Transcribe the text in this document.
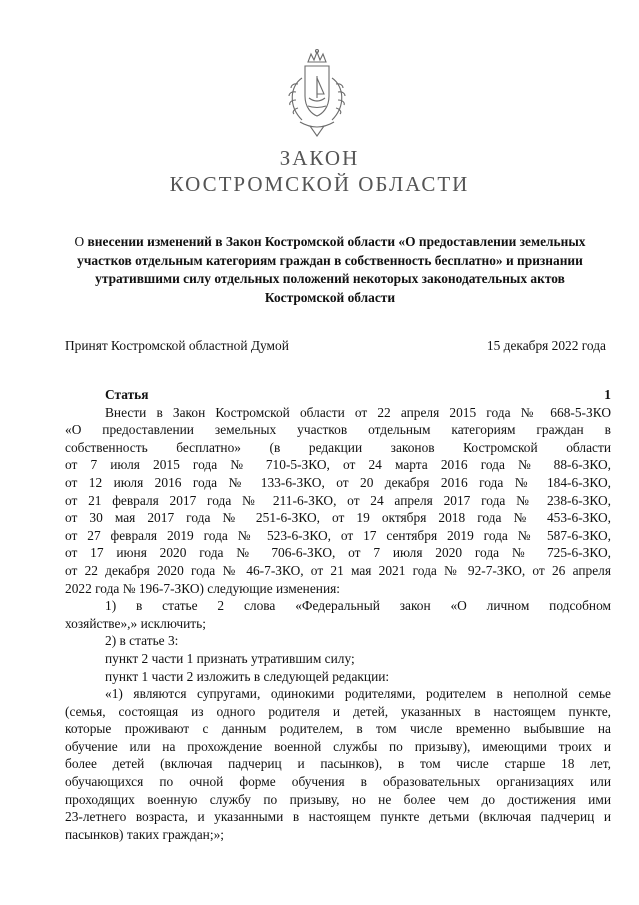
ЗАКОН
КОСТРОМСКОЙ ОБЛАСТИ
О внесении изменений в Закон Костромской области «О предоставлении земельных участков отдельным категориям граждан в собственность бесплатно» и признании утратившими силу отдельных положений некоторых законодательных актов Костромской области
Принят Костромской областной Думой	15 декабря 2022 года

Статья 1

Внести в Закон Костромской области от 22 апреля 2015 года № 668-5-ЗКО

«О предоставлении земельных участков отдельным категориям граждан в

собственность бесплатно» (в редакции законов Костромской области

от 7 июля 2015 года № 710-5-ЗКО, от 24 марта 2016 года № 88-6-ЗКО,

от 12 июля 2016 года № 133-6-ЗКО, от 20 декабря 2016 года № 184-6-ЗКО,

от 21 февраля 2017 года № 211-6-ЗКО, от 24 апреля 2017 года № 238-6-ЗКО,

от 30 мая 2017 года № 251-6-ЗКО, от 19 октября 2018 года № 453-6-ЗКО,

от 27 февраля 2019 года № 523-6-ЗКО, от 17 сентября 2019 года № 587-6-ЗКО,

от 17 июня 2020 года № 706-6-ЗКО, от 7 июля 2020 года № 725-6-ЗКО,

от 22 декабря 2020 года № 46-7-ЗКО, от 21 мая 2021 года № 92-7-ЗКО, от 26 апреля

2022 года № 196-7-ЗКО) следующие изменения:

1) в статье 2 слова «Федеральный закон «О личном подсобном

хозяйстве»,» исключить;

2) в статье 3:

пункт 2 части 1 признать утратившим силу;

пункт 1 части 2 изложить в следующей редакции:

«1) являются супругами, одинокими родителями, родителем в неполной семье

(семья, состоящая из одного родителя и детей, указанных в настоящем пункте,

которые проживают с данным родителем, в том числе временно выбывшие на

обучение или на прохождение военной службы по призыву), имеющими троих и

более детей (включая падчериц и пасынков), в том числе старше 18 лет,

обучающихся по очной форме обучения в образовательных организациях или

проходящих военную службу по призыву, но не более чем до достижения ими

23-летнего возраста, и указанными в настоящем пункте детьми (включая падчериц и

пасынков) таких граждан;»;
